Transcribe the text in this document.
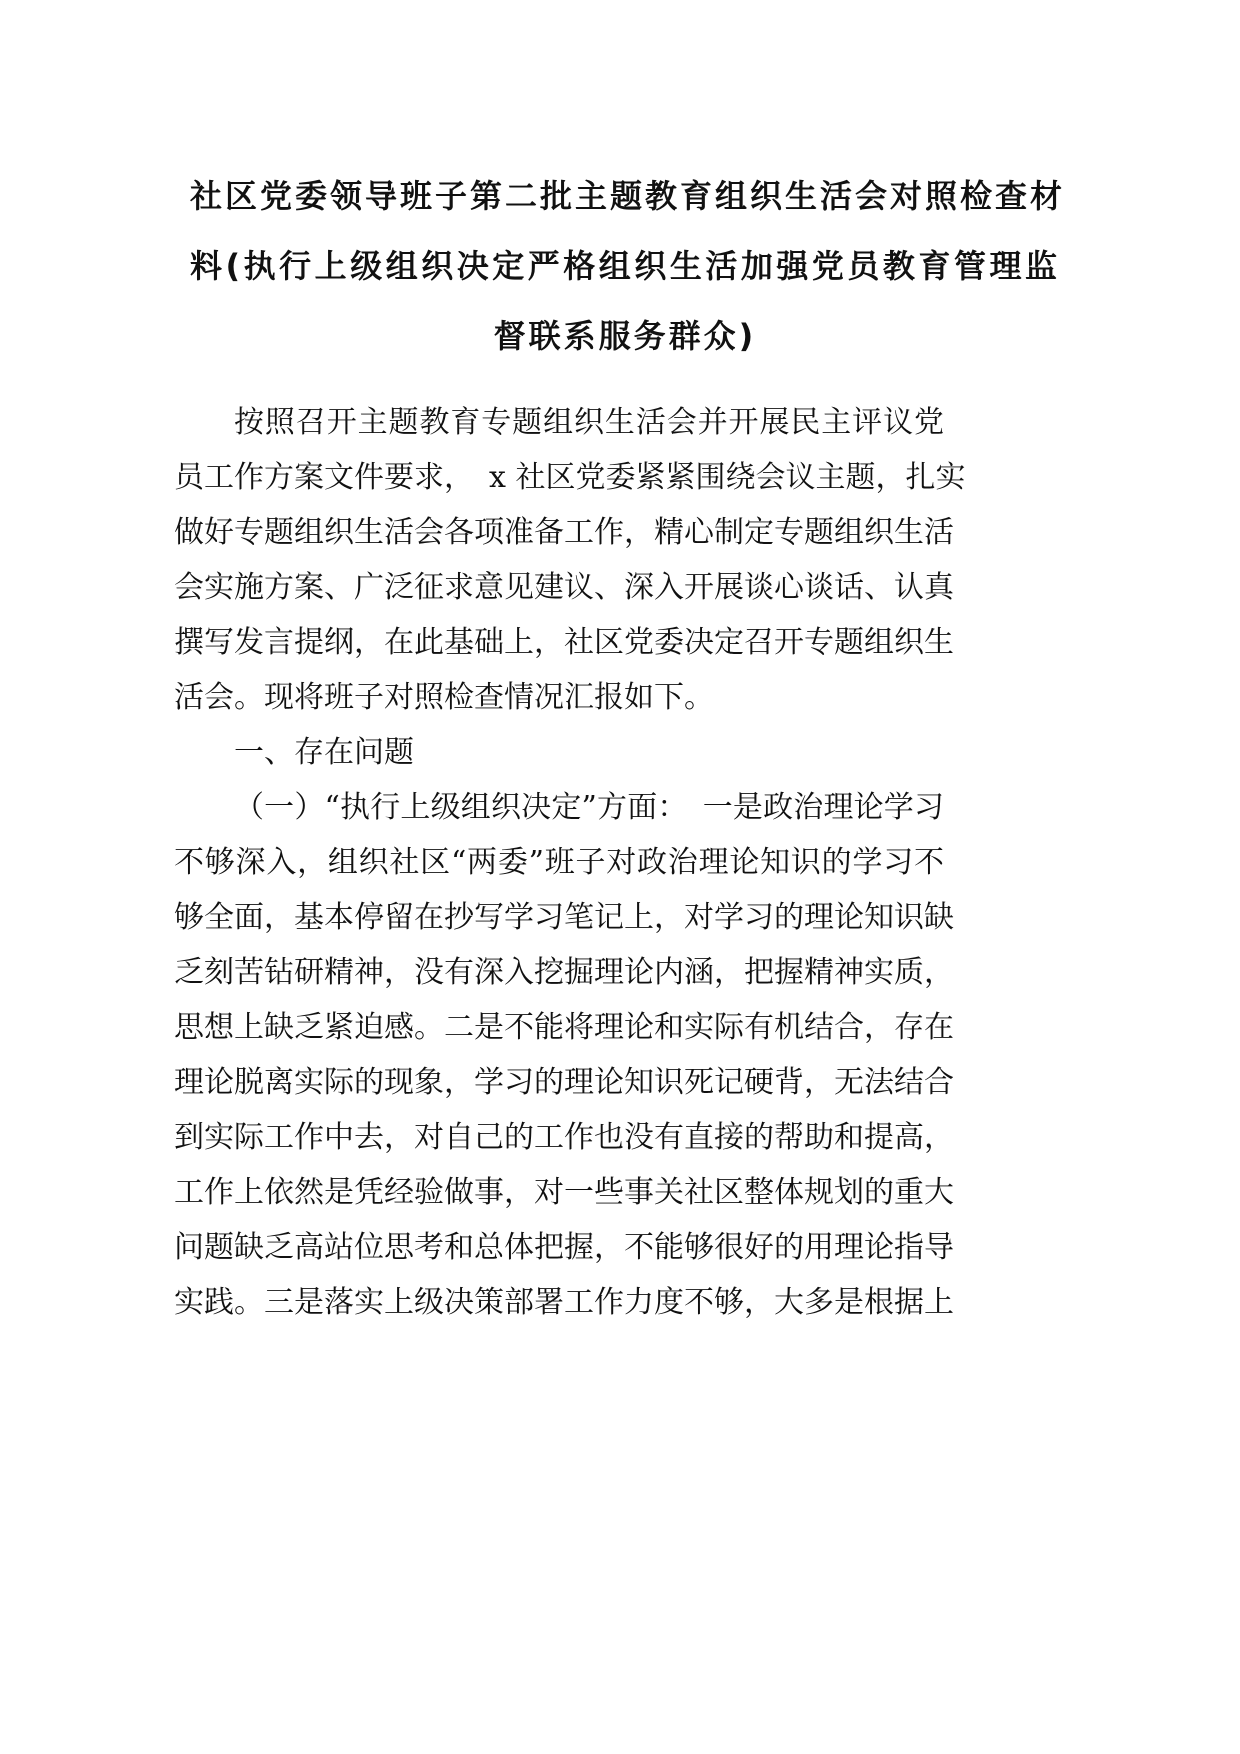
社区党委领导班子第二批主题教育组织生活会对照检查材
料(执行上级组织决定严格组织生活加强党员教育管理监
督联系服务群众)
按照召开主题教育专题组织生活会并开展民主评议党
员工作方案文件要求，　x 社区党委紧紧围绕会议主题，扎实
做好专题组织生活会各项准备工作，精心制定专题组织生活
会实施方案、广泛征求意见建议、深入开展谈心谈话、认真
撰写发言提纲，在此基础上，社区党委决定召开专题组织生
活会。现将班子对照检查情况汇报如下。
一、存在问题
（一）“执行上级组织决定”方面：　一是政治理论学习
不够深入，组织社区“两委”班子对政治理论知识的学习不
够全面，基本停留在抄写学习笔记上，对学习的理论知识缺
乏刻苦钻研精神，没有深入挖掘理论内涵，把握精神实质，
思想上缺乏紧迫感。二是不能将理论和实际有机结合，存在
理论脱离实际的现象，学习的理论知识死记硬背，无法结合
到实际工作中去，对自己的工作也没有直接的帮助和提高，
工作上依然是凭经验做事，对一些事关社区整体规划的重大
问题缺乏高站位思考和总体把握，不能够很好的用理论指导
实践。三是落实上级决策部署工作力度不够，大多是根据上
